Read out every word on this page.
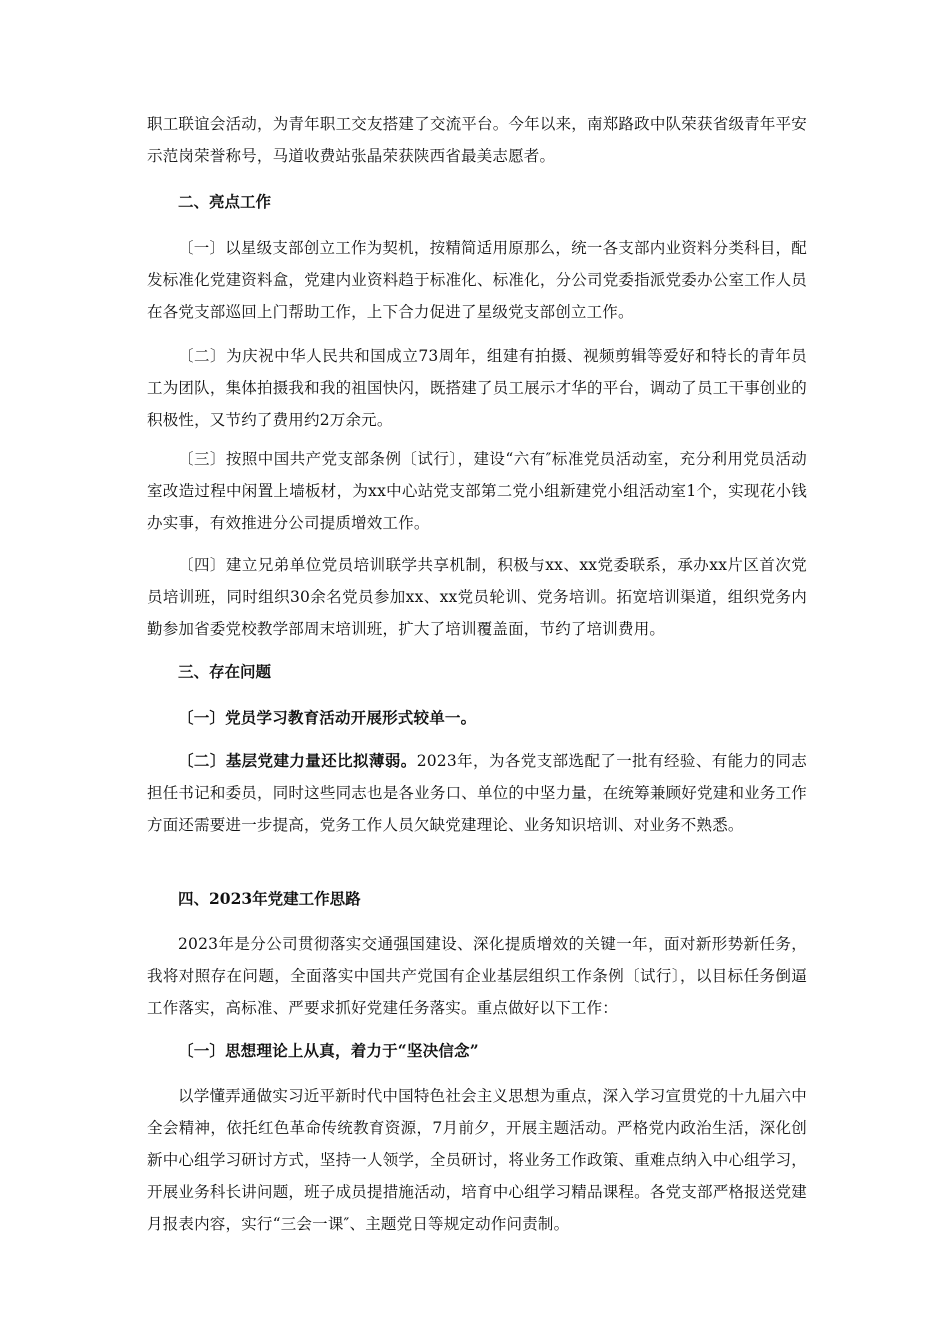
职工联谊会活动，为青年职工交友搭建了交流平台。今年以来，南郑路政中队荣获省级青年平安示范岗荣誉称号，马道收费站张晶荣获陕西省最美志愿者。
二、亮点工作
〔一〕以星级支部创立工作为契机，按精简适用原那么，统一各支部内业资料分类科目，配发标准化党建资料盒，党建内业资料趋于标准化、标准化，分公司党委指派党委办公室工作人员在各党支部巡回上门帮助工作，上下合力促进了星级党支部创立工作。
〔二〕为庆祝中华人民共和国成立73周年，组建有拍摄、视频剪辑等爱好和特长的青年员工为团队，集体拍摄我和我的祖国快闪，既搭建了员工展示才华的平台，调动了员工干事创业的积极性，又节约了费用约2万余元。
〔三〕按照中国共产党支部条例〔试行〕，建设“六有″标准党员活动室，充分利用党员活动室改造过程中闲置上墙板材，为xx中心站党支部第二党小组新建党小组活动室1个，实现花小钱办实事，有效推进分公司提质增效工作。
〔四〕建立兄弟单位党员培训联学共享机制，积极与xx、xx党委联系，承办xx片区首次党员培训班，同时组织30余名党员参加xx、xx党员轮训、党务培训。拓宽培训渠道，组织党务内勤参加省委党校教学部周末培训班，扩大了培训覆盖面，节约了培训费用。
三、存在问题
〔一〕党员学习教育活动开展形式较单一。
〔二〕基层党建力量还比拟薄弱。2023年，为各党支部选配了一批有经验、有能力的同志担任书记和委员，同时这些同志也是各业务口、单位的中坚力量，在统筹兼顾好党建和业务工作方面还需要进一步提高，党务工作人员欠缺党建理论、业务知识培训、对业务不熟悉。
四、2023年党建工作思路
2023年是分公司贯彻落实交通强国建设、深化提质增效的关键一年，面对新形势新任务，我将对照存在问题，全面落实中国共产党国有企业基层组织工作条例〔试行〕，以目标任务倒逼工作落实，高标准、严要求抓好党建任务落实。重点做好以下工作：
〔一〕思想理论上从真，着力于“坚决信念”
以学懂弄通做实习近平新时代中国特色社会主义思想为重点，深入学习宣贯党的十九届六中全会精神，依托红色革命传统教育资源，7月前夕，开展主题活动。严格党内政治生活，深化创新中心组学习研讨方式，坚持一人领学，全员研讨，将业务工作政策、重难点纳入中心组学习，开展业务科长讲问题，班子成员提措施活动，培育中心组学习精品课程。各党支部严格报送党建月报表内容，实行“三会一课″、主题党日等规定动作问责制。
